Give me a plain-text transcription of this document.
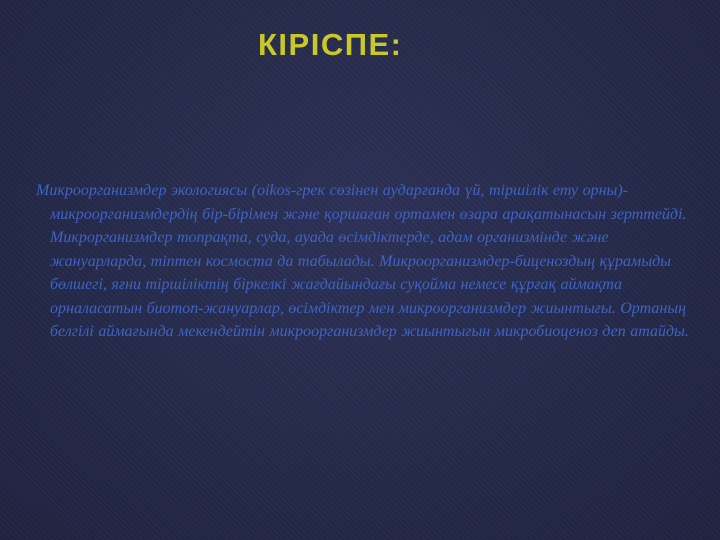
КІРІСПЕ:

Микроорганизмдер экологиясы (oikos-грек сөзінен аударғанда үй, тіршілік ету орны)-микроорганизмдердің бір-бірімен және қоршаған ортамен өзара арақатынасын зерттейді. Микрорганизмдер топрақта, суда, ауада өсімдіктерде, адам организмінде және жануарларда, тіптен космоста да табылады. Микроорганизмдер-биценоздың құрамыды бөлшегі, яғни тіршіліктің біркелкі жағдайындағы суқойма немесе құрғақ аймақта орналасатын биотоп-жануарлар, өсімдіктер мен микроорганизмдер жиынтығы. Ортаның белгілі аймағында мекендейтін микроорганизмдер жиынтығын микробиоценоз деп атайды.
